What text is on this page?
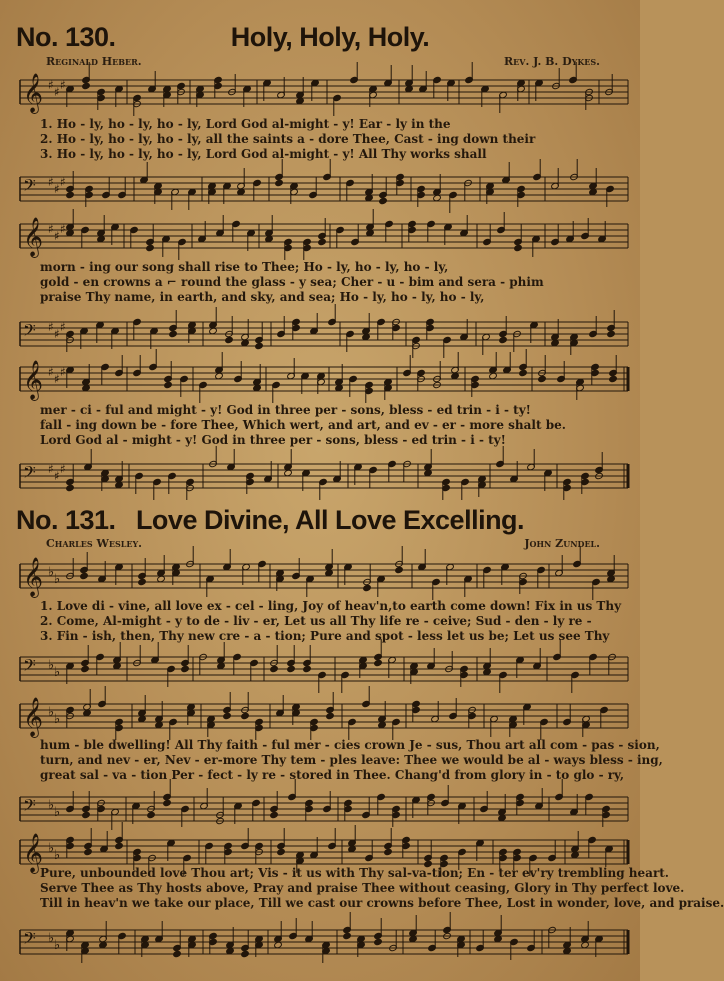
No. 130.	Holy, Holy, Holy.
Reginald Heber.	Rev. J. B. Dykes.
𝄞 ♯ ♯ ♯
1. Ho - ly, ho - ly, ho - ly, Lord God al-might - y! Ear - ly in the
2. Ho - ly, ho - ly, ho - ly, all the saints a - dore Thee, Cast - ing down their
3. Ho - ly, ho - ly, ho - ly, Lord God al-might - y! All Thy works shall
𝄢 ♯ ♯ ♯
𝄞 ♯ ♯ ♯
morn - ing our song shall rise to Thee; Ho - ly, ho - ly, ho - ly,
gold - en crowns a ⌐ round the glass - y sea; Cher - u - bim and sera - phim
praise Thy name, in earth, and sky, and sea; Ho - ly, ho - ly, ho - ly,
𝄢 ♯ ♯ ♯
𝄞 ♯ ♯ ♯
mer - ci - ful and might - y! God in three per - sons, bless - ed trin - i - ty!
fall - ing down be - fore Thee, Which wert, and art, and ev - er - more shalt be.
Lord God al - might - y! God in three per - sons, bless - ed trin - i - ty!
𝄢 ♯ ♯ ♯
No. 131. Love Divine, All Love Excelling.
Charles Wesley.	John Zundel.
𝄞 ♭ ♭
1. Love di - vine, all love ex - cel - ling, Joy of heav'n,to earth come down! Fix in us Thy
2. Come, Al-might - y to de - liv - er, Let us all Thy life re - ceive; Sud - den - ly re -
3. Fin - ish, then, Thy new cre - a - tion; Pure and spot - less let us be; Let us see Thy
𝄢 ♭ ♭
𝄞 ♭ ♭
hum - ble dwelling! All Thy faith - ful mer - cies crown Je - sus, Thou art all com - pas - sion,
turn, and nev - er, Nev - er-more Thy tem - ples leave: Thee we would be al - ways bless - ing,
great sal - va - tion Per - fect - ly re - stored in Thee. Chang'd from glory in - to glo - ry,
𝄢 ♭ ♭
𝄞 ♭ ♭
Pure, unbounded love Thou art; Vis - it us with Thy sal-va-tion; En - ter ev'ry trembling heart.
Serve Thee as Thy hosts above, Pray and praise Thee without ceasing, Glory in Thy perfect love.
Till in heav'n we take our place, Till we cast our crowns before Thee, Lost in wonder, love, and praise.
𝄢 ♭ ♭
